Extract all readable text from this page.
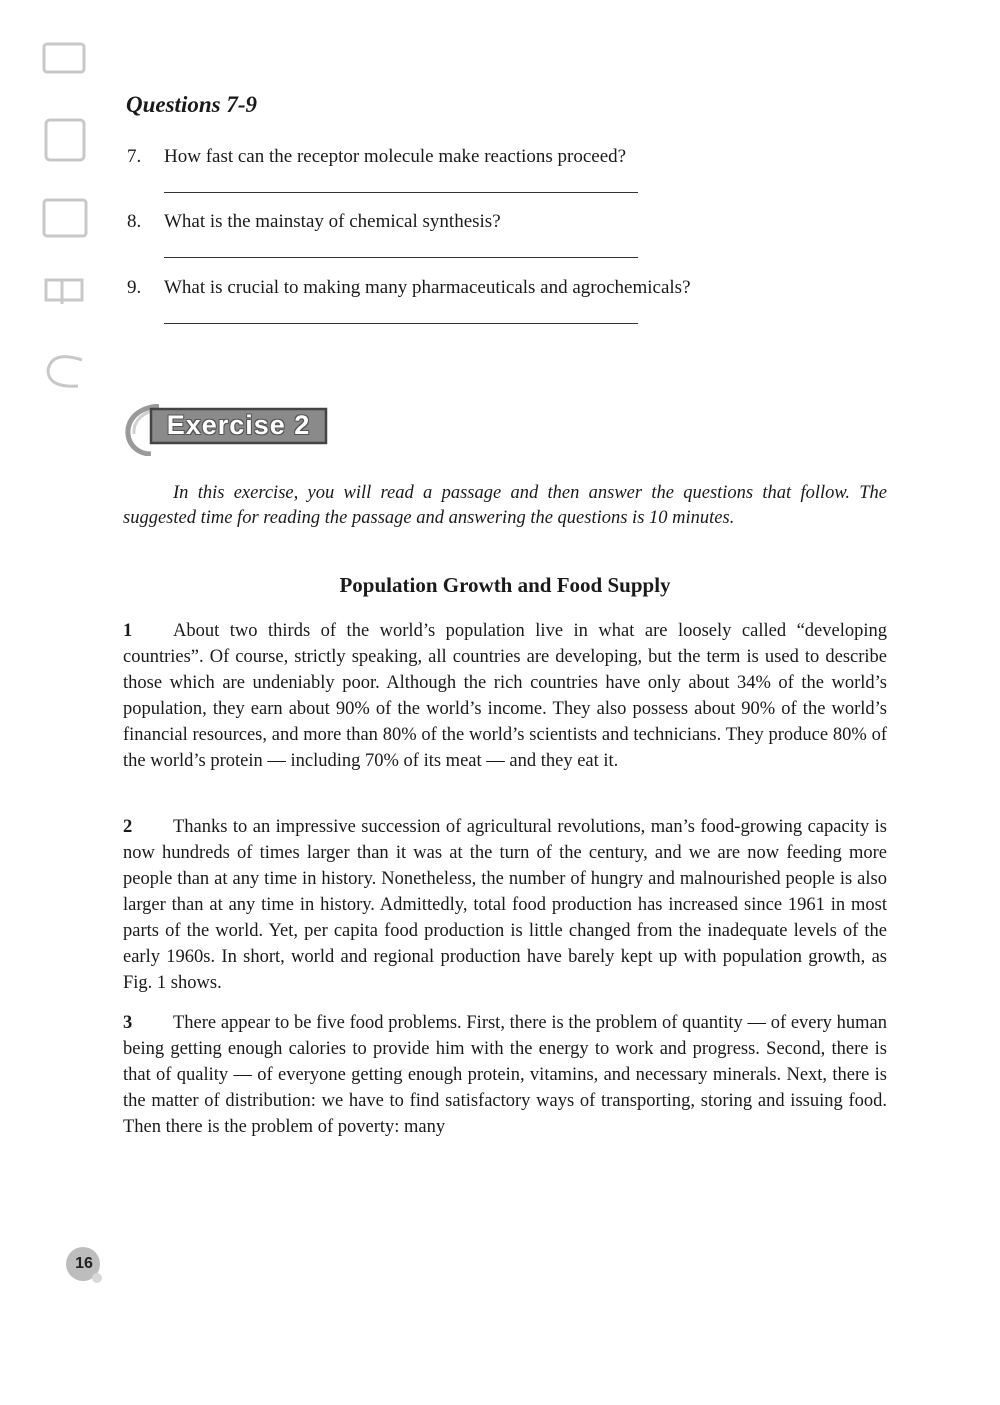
Questions 7-9
7. How fast can the receptor molecule make reactions proceed?
8. What is the mainstay of chemical synthesis?
9. What is crucial to making many pharmaceuticals and agrochemicals?
Exercise 2

In this exercise, you will read a passage and then answer the questions that follow. The suggested time for reading the passage and answering the questions is 10 minutes.

Population Growth and Food Supply

1 About two thirds of the world’s population live in what are loosely called “developing countries”. Of course, strictly speaking, all countries are developing, but the term is used to describe those which are undeniably poor. Although the rich countries have only about 34% of the world’s population, they earn about 90% of the world’s income. They also possess about 90% of the world’s financial resources, and more than 80% of the world’s scientists and technicians. They produce 80% of the world’s protein — including 70% of its meat — and they eat it.

2 Thanks to an impressive succession of agricultural revolutions, man’s food-growing capacity is now hundreds of times larger than it was at the turn of the century, and we are now feeding more people than at any time in history. Nonetheless, the number of hungry and malnourished people is also larger than at any time in history. Admittedly, total food production has increased since 1961 in most parts of the world. Yet, per capita food production is little changed from the inadequate levels of the early 1960s. In short, world and regional production have barely kept up with population growth, as Fig. 1 shows.

3 There appear to be five food problems. First, there is the problem of quantity — of every human being getting enough calories to provide him with the energy to work and progress. Second, there is that of quality — of everyone getting enough protein, vitamins, and necessary minerals. Next, there is the matter of distribution: we have to find satisfactory ways of transporting, storing and issuing food. Then there is the problem of poverty: many

16
